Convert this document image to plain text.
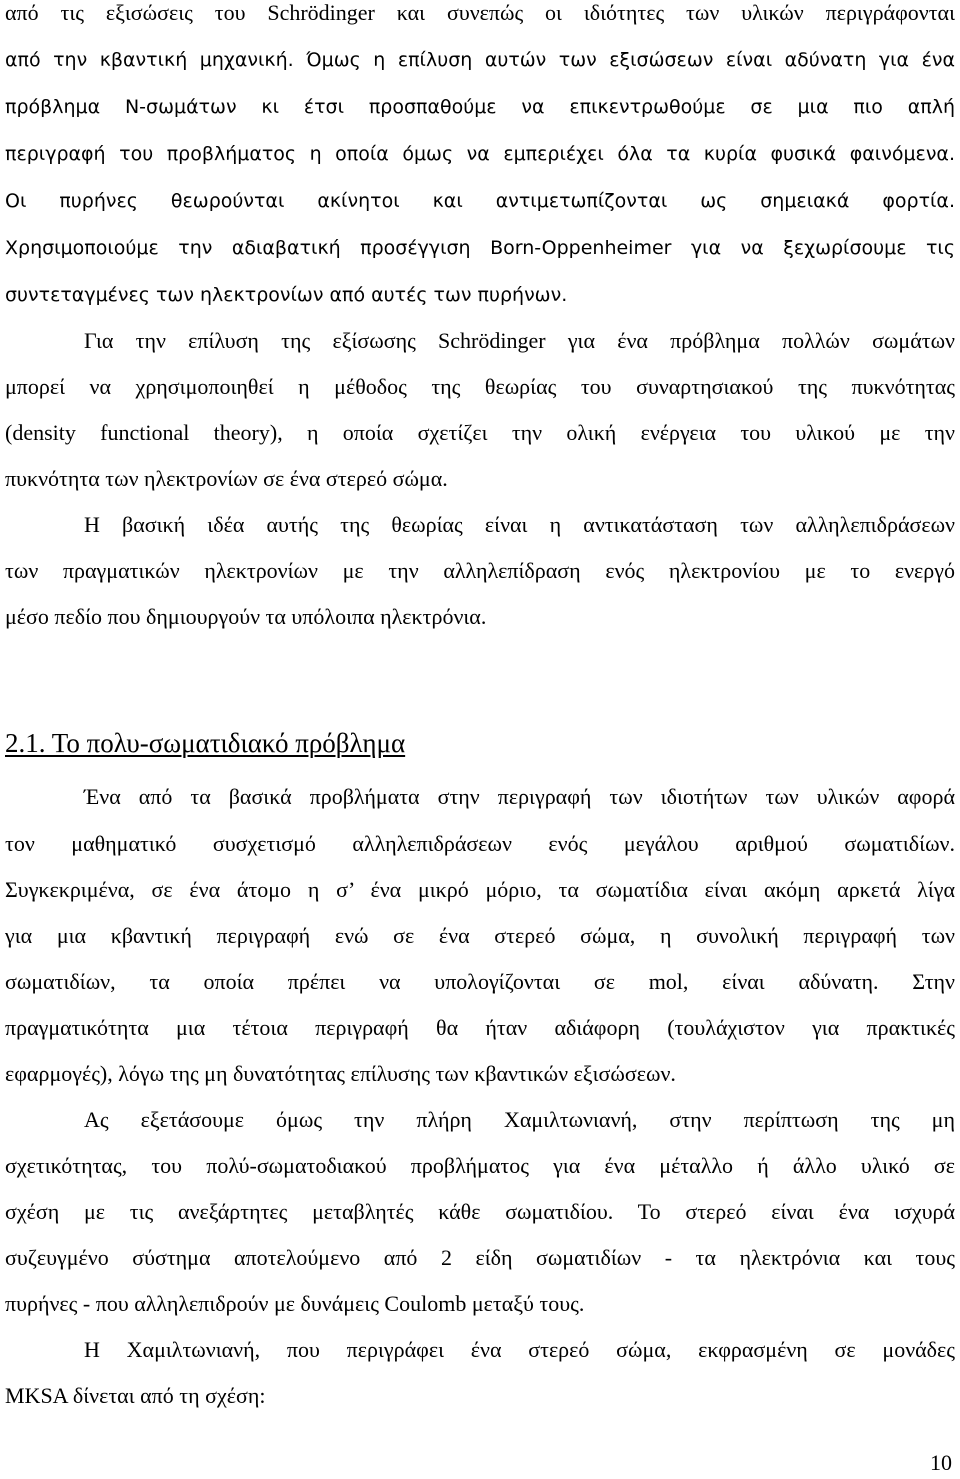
από τις εξισώσεις του Schrödinger και συνεπώς οι ιδιότητες των υλικών περιγράφονται
από την κβαντική μηχανική. Όμως η επίλυση αυτών των εξισώσεων είναι αδύνατη για ένα
πρόβλημα N-σωμάτων κι έτσι προσπαθούμε να επικεντρωθούμε σε μια πιο απλή
περιγραφή του προβλήματος η οποία όμως να εμπεριέχει όλα τα κυρία φυσικά φαινόμενα.
Οι πυρήνες θεωρούνται ακίνητοι και αντιμετωπίζονται ως σημειακά φορτία.
Χρησιμοποιούμε την αδιαβατική προσέγγιση Born-Oppenheimer για να ξεχωρίσουμε τις
συντεταγμένες των ηλεκτρονίων από αυτές των πυρήνων.
Για την επίλυση της εξίσωσης Schrödinger για ένα πρόβλημα πολλών σωμάτων
μπορεί να χρησιμοποιηθεί η μέθοδος της θεωρίας του συναρτησιακού της πυκνότητας
(density functional theory), η οποία σχετίζει την ολική ενέργεια του υλικού με την
πυκνότητα των ηλεκτρονίων σε ένα στερεό σώμα.
Η βασική ιδέα αυτής της θεωρίας είναι η αντικατάσταση των αλληλεπιδράσεων
των πραγματικών ηλεκτρονίων με την αλληλεπίδραση ενός ηλεκτρονίου με το ενεργό
μέσο πεδίο που δημιουργούν τα υπόλοιπα ηλεκτρόνια.
2.1. Το πολυ-σωματιδιακό πρόβλημα
Ένα από τα βασικά προβλήματα στην περιγραφή των ιδιοτήτων των υλικών αφορά
τον μαθηματικό συσχετισμό αλληλεπιδράσεων ενός μεγάλου αριθμού σωματιδίων.
Συγκεκριμένα, σε ένα άτομο η σ’ ένα μικρό μόριο, τα σωματίδια είναι ακόμη αρκετά λίγα
για μια κβαντική περιγραφή ενώ σε ένα στερεό σώμα, η συνολική περιγραφή των
σωματιδίων, τα οποία πρέπει να υπολογίζονται σε mol, είναι αδύνατη. Στην
πραγματικότητα μια τέτοια περιγραφή θα ήταν αδιάφορη (τουλάχιστον για πρακτικές
εφαρμογές), λόγω της μη δυνατότητας επίλυσης των κβαντικών εξισώσεων.
Ας εξετάσουμε όμως την πλήρη Χαμιλτωνιανή, στην περίπτωση της μη
σχετικότητας, του πολύ-σωματοδιακού προβλήματος για ένα μέταλλο ή άλλο υλικό σε
σχέση με τις ανεξάρτητες μεταβλητές κάθε σωματιδίου. Το στερεό είναι ένα ισχυρά
συζευγμένο σύστημα αποτελούμενο από 2 είδη σωματιδίων - τα ηλεκτρόνια και τους
πυρήνες - που αλληλεπιδρούν με δυνάμεις Coulomb μεταξύ τους.
Η Χαμιλτωνιανή, που περιγράφει ένα στερεό σώμα, εκφρασμένη σε μονάδες
MKSA δίνεται από τη σχέση:
10
